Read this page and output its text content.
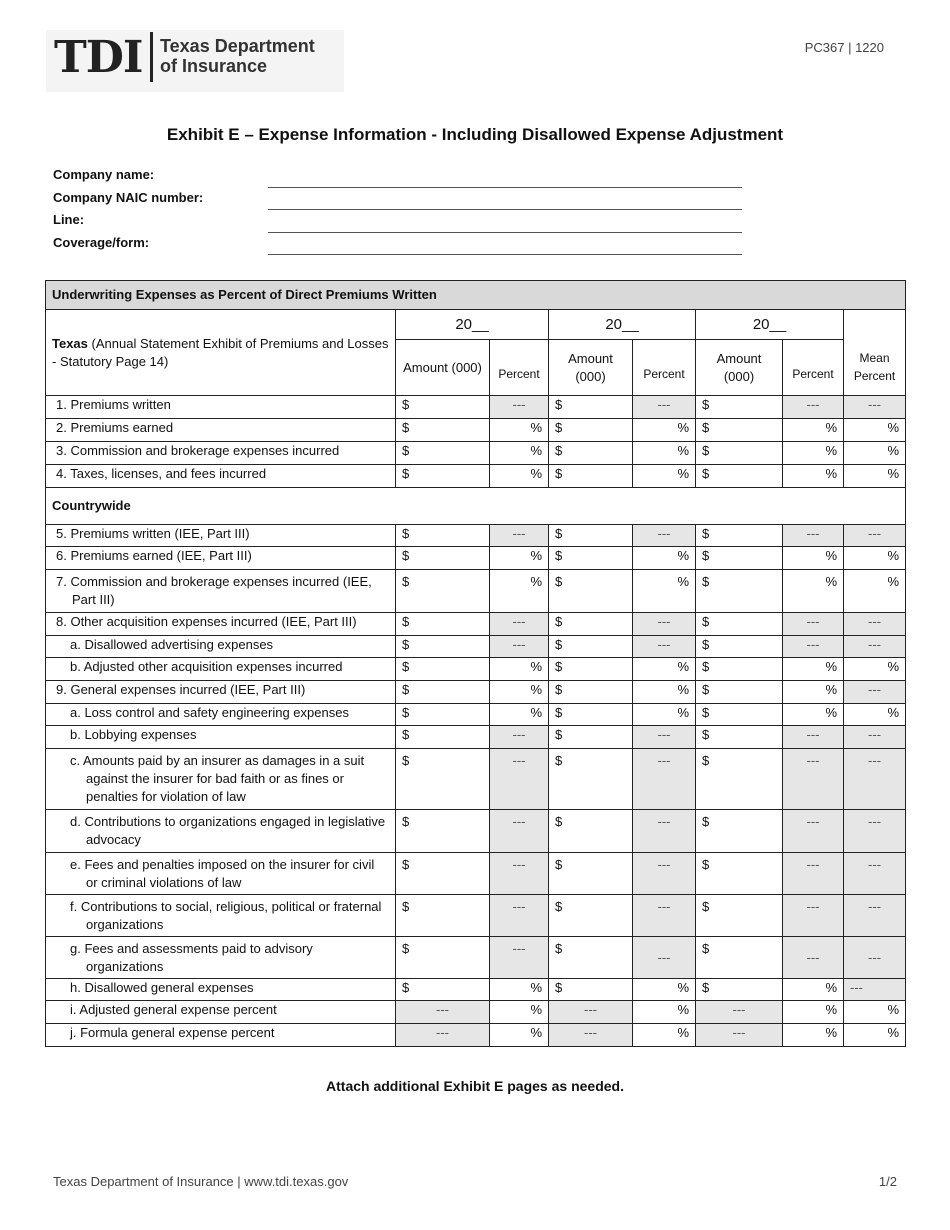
TDI Texas Department
of Insurance
PC367 | 1220
Exhibit E – Expense Information - Including Disallowed Expense Adjustment
Company name:
Company NAIC number:
Line:
Coverage/form:
Underwriting Expenses as Percent of Direct Premiums Written							
Texas (Annual Statement Exhibit of Premiums and Losses - Statutory Page 14)	20__		20__		20__		
	Amount (000)	Percent	Amount (000)	Percent	Amount (000)	Percent	Mean Percent
1. Premiums written	$	---	$	---	$	---	---
2. Premiums earned	$	%	$	%	$	%	%
3. Commission and brokerage expenses incurred	$	%	$	%	$	%	%
4. Taxes, licenses, and fees incurred	$	%	$	%	$	%	%
Countrywide							
5. Premiums written (IEE, Part III)	$	---	$	---	$	---	---
6. Premiums earned (IEE, Part III)	$	%	$	%	$	%	%

7. Commission and brokerage expenses incurred (IEE, Part III)	$	%	$	%	$	%	%

8. Other acquisition expenses incurred (IEE, Part III)	$	---	$	---	$	---	---

a. Disallowed advertising expenses	$	---	$	---	$	---	---

b. Adjusted other acquisition expenses incurred	$	%	$	%	$	%	%
9. General expenses incurred (IEE, Part III)	$	%	$	%	$	%	---

a. Loss control and safety engineering expenses	$	%	$	%	$	%	%

b. Lobbying expenses	$	---	$	---	$	---	---

c. Amounts paid by an insurer as damages in a suit against the insurer for bad faith or as fines or penalties for violation of law	$	---	$	---	$	---	---

d. Contributions to organizations engaged in legislative advocacy	$	---	$	---	$	---	---

e. Fees and penalties imposed on the insurer for civil or criminal violations of law	$	---	$	---	$	---	---

f. Contributions to social, religious, political or fraternal organizations	$	---	$	---	$	---	---

g. Fees and assessments paid to advisory organizations	$	---	$	---	$	---	---

h. Disallowed general expenses	$	%	$	%	$	%	---

i. Adjusted general expense percent	---	%	---	%	---	%	%

j. Formula general expense percent	---	%	---	%	---	%	%
Attach additional Exhibit E pages as needed.
Texas Department of Insurance | www.tdi.texas.gov	1/2
